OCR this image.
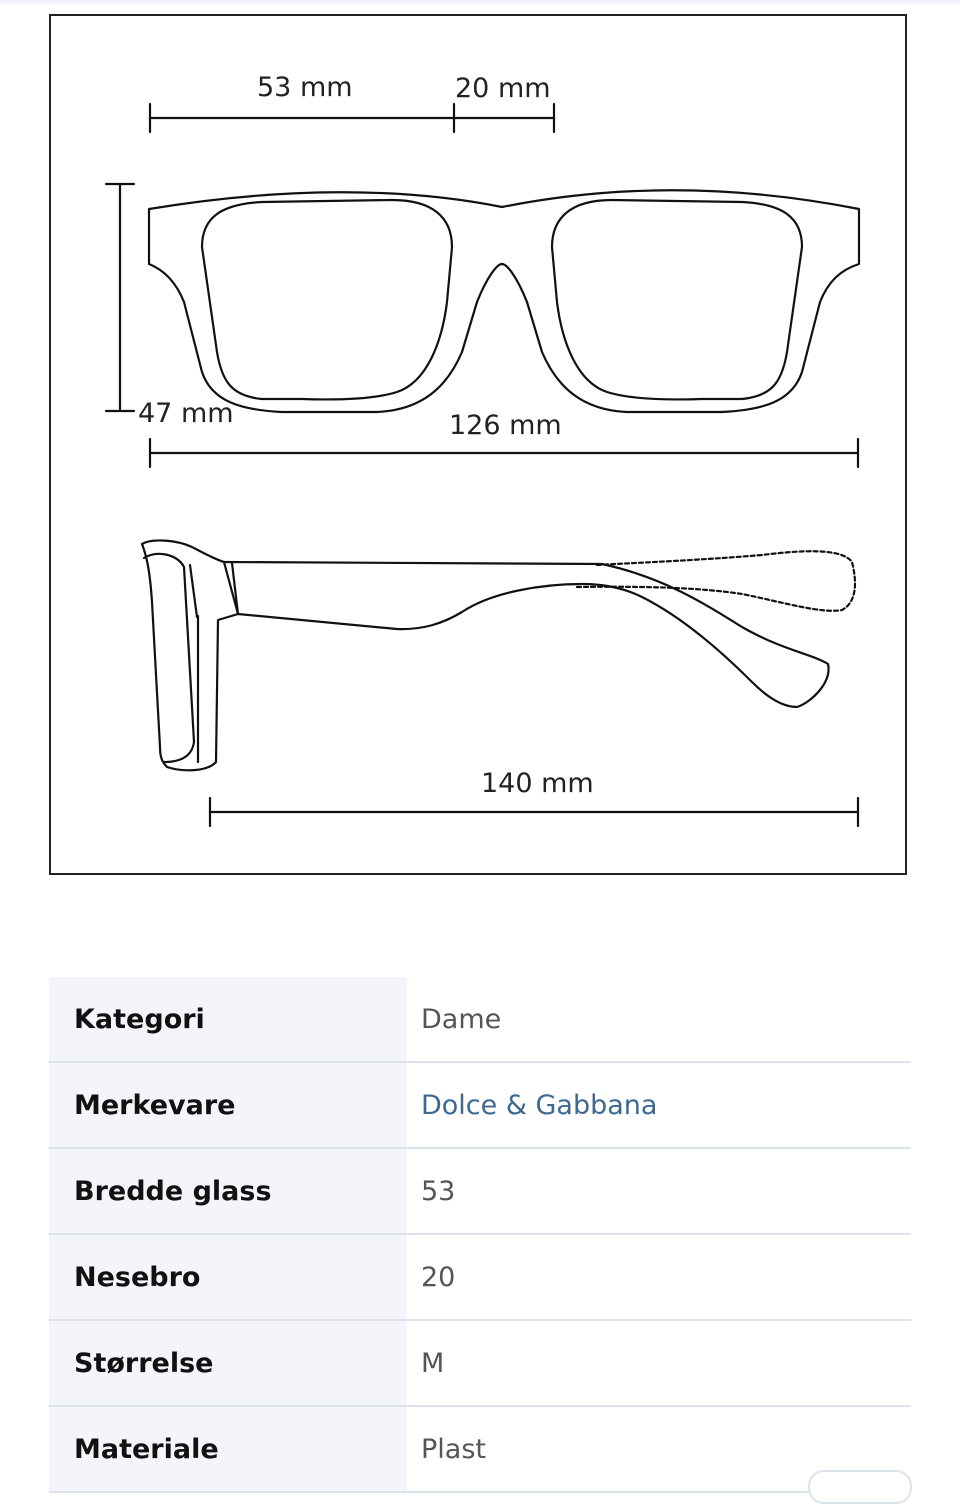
53 mm	20 mm
47 mm	126 mm
140 mm
Kategori	Dame
Merkevare	Dolce & Gabbana
Bredde glass	53
Nesebro	20
Størrelse	M
Materiale	Plast
